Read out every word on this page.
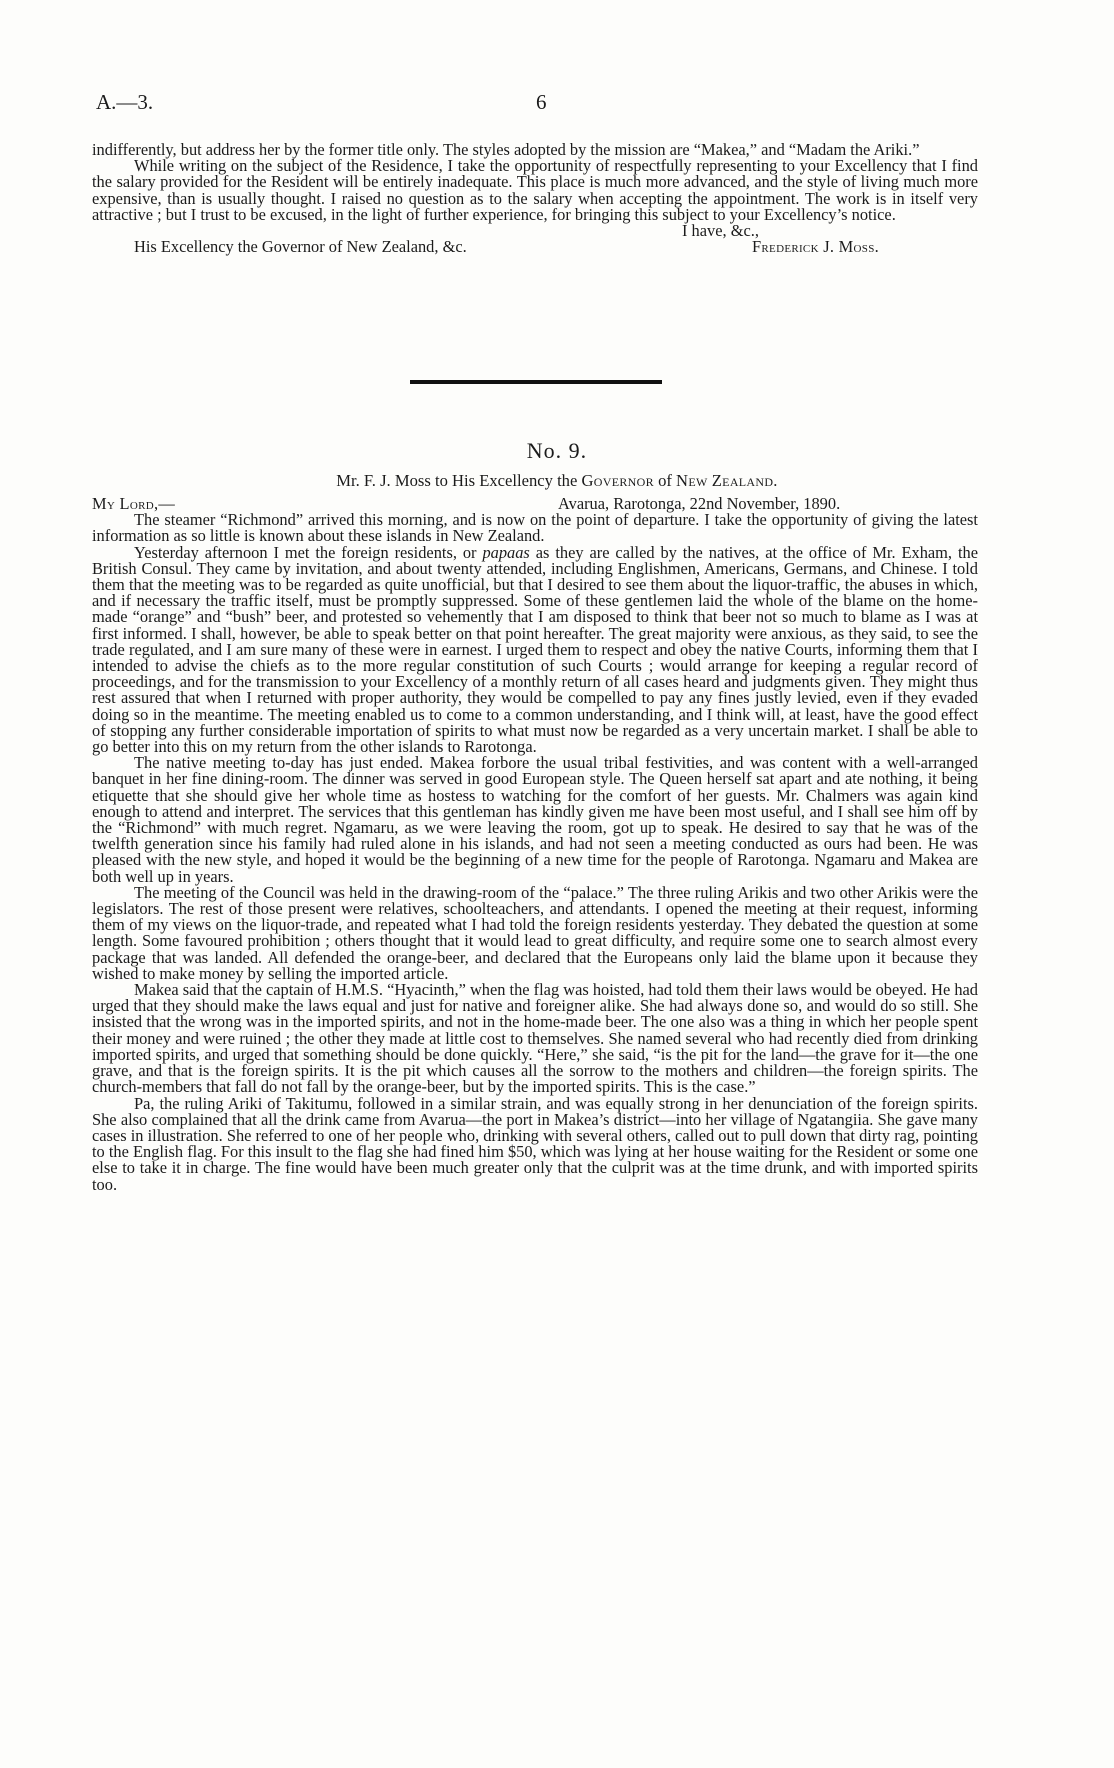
A.—3.	6

indifferently, but address her by the former title only. The styles adopted by the mission are “Makea,” and “Madam the Ariki.”

While writing on the subject of the Residence, I take the opportunity of respectfully representing to your Excellency that I find the salary provided for the Resident will be entirely inadequate. This place is much more advanced, and the style of living much more expensive, than is usually thought. I raised no question as to the salary when accepting the appointment. The work is in itself very attractive ; but I trust to be excused, in the light of further experience, for bringing this subject to your Excellency’s notice.

I have, &c.,
His Excellency the Governor of New Zealand, &c.	Frederick J. Moss.
No. 9.
Mr. F. J. Moss to His Excellency the Governor of New Zealand.
My Lord,—	Avarua, Rarotonga, 22nd November, 1890.

The steamer “Richmond” arrived this morning, and is now on the point of departure. I take the opportunity of giving the latest information as so little is known about these islands in New Zealand.

Yesterday afternoon I met the foreign residents, or papaas as they are called by the natives, at the office of Mr. Exham, the British Consul. They came by invitation, and about twenty attended, including Englishmen, Americans, Germans, and Chinese. I told them that the meeting was to be regarded as quite unofficial, but that I desired to see them about the liquor-traffic, the abuses in which, and if necessary the traffic itself, must be promptly suppressed. Some of these gentlemen laid the whole of the blame on the home-made “orange” and “bush” beer, and protested so vehemently that I am disposed to think that beer not so much to blame as I was at first informed. I shall, however, be able to speak better on that point hereafter. The great majority were anxious, as they said, to see the trade regulated, and I am sure many of these were in earnest. I urged them to respect and obey the native Courts, informing them that I intended to advise the chiefs as to the more regular constitution of such Courts ; would arrange for keeping a regular record of proceedings, and for the transmission to your Excellency of a monthly return of all cases heard and judgments given. They might thus rest assured that when I returned with proper authority, they would be compelled to pay any fines justly levied, even if they evaded doing so in the meantime. The meeting enabled us to come to a common understanding, and I think will, at least, have the good effect of stopping any further considerable importation of spirits to what must now be regarded as a very uncertain market. I shall be able to go better into this on my return from the other islands to Rarotonga.

The native meeting to-day has just ended. Makea forbore the usual tribal festivities, and was content with a well-arranged banquet in her fine dining-room. The dinner was served in good European style. The Queen herself sat apart and ate nothing, it being etiquette that she should give her whole time as hostess to watching for the comfort of her guests. Mr. Chalmers was again kind enough to attend and interpret. The services that this gentleman has kindly given me have been most useful, and I shall see him off by the “Richmond” with much regret. Ngamaru, as we were leaving the room, got up to speak. He desired to say that he was of the twelfth generation since his family had ruled alone in his islands, and had not seen a meeting conducted as ours had been. He was pleased with the new style, and hoped it would be the beginning of a new time for the people of Rarotonga. Ngamaru and Makea are both well up in years.

The meeting of the Council was held in the drawing-room of the “palace.” The three ruling Arikis and two other Arikis were the legislators. The rest of those present were relatives, schoolteachers, and attendants. I opened the meeting at their request, informing them of my views on the liquor-trade, and repeated what I had told the foreign residents yesterday. They debated the question at some length. Some favoured prohibition ; others thought that it would lead to great difficulty, and require some one to search almost every package that was landed. All defended the orange-beer, and declared that the Europeans only laid the blame upon it because they wished to make money by selling the imported article.

Makea said that the captain of H.M.S. “Hyacinth,” when the flag was hoisted, had told them their laws would be obeyed. He had urged that they should make the laws equal and just for native and foreigner alike. She had always done so, and would do so still. She insisted that the wrong was in the imported spirits, and not in the home-made beer. The one also was a thing in which her people spent their money and were ruined ; the other they made at little cost to themselves. She named several who had recently died from drinking imported spirits, and urged that something should be done quickly. “Here,” she said, “is the pit for the land—the grave for it—the one grave, and that is the foreign spirits. It is the pit which causes all the sorrow to the mothers and children—the foreign spirits. The church-members that fall do not fall by the orange-beer, but by the imported spirits. This is the case.”

Pa, the ruling Ariki of Takitumu, followed in a similar strain, and was equally strong in her denunciation of the foreign spirits. She also complained that all the drink came from Avarua—the port in Makea’s district—into her village of Ngatangiia. She gave many cases in illustration. She referred to one of her people who, drinking with several others, called out to pull down that dirty rag, pointing to the English flag. For this insult to the flag she had fined him $50, which was lying at her house waiting for the Resident or some one else to take it in charge. The fine would have been much greater only that the culprit was at the time drunk, and with imported spirits too.
